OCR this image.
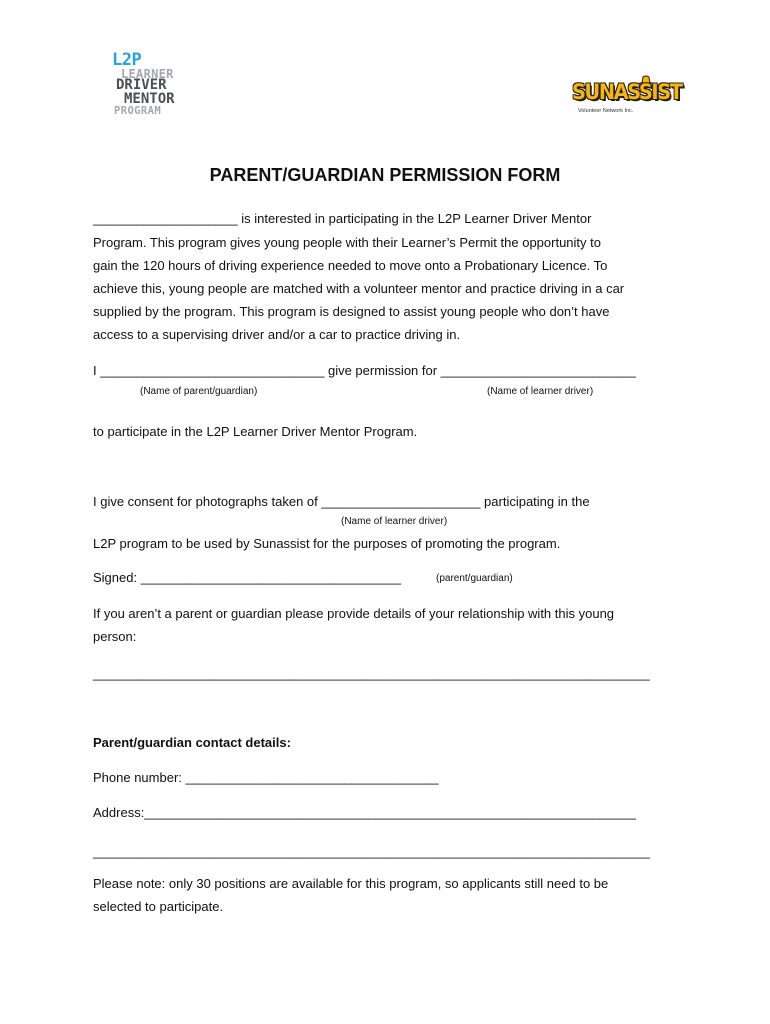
L2P
LEARNER
DRIVER
MENTOR
PROGRAM
SUNASSIST
Volunteer Network Inc.
PARENT/GUARDIAN PERMISSION FORM
____________________ is interested in participating in the L2P Learner Driver Mentor
Program. This program gives young people with their Learner’s Permit the opportunity to
gain the 120 hours of driving experience needed to move onto a Probationary Licence. To
achieve this, young people are matched with a volunteer mentor and practice driving in a car
supplied by the program. This program is designed to assist young people who don’t have
access to a supervising driver and/or a car to practice driving in.
I _______________________________ give permission for ___________________________
(Name of parent/guardian)	(Name of learner driver)
to participate in the L2P Learner Driver Mentor Program.
I give consent for photographs taken of ______________________ participating in the
(Name of learner driver)
L2P program to be used by Sunassist for the purposes of promoting the program.
Signed: ____________________________________	(parent/guardian)
If you aren’t a parent or guardian please provide details of your relationship with this young
person:
_____________________________________________________________________________
Parent/guardian contact details:
Phone number: ___________________________________
Address:____________________________________________________________________
_____________________________________________________________________________
Please note: only 30 positions are available for this program, so applicants still need to be
selected to participate.
